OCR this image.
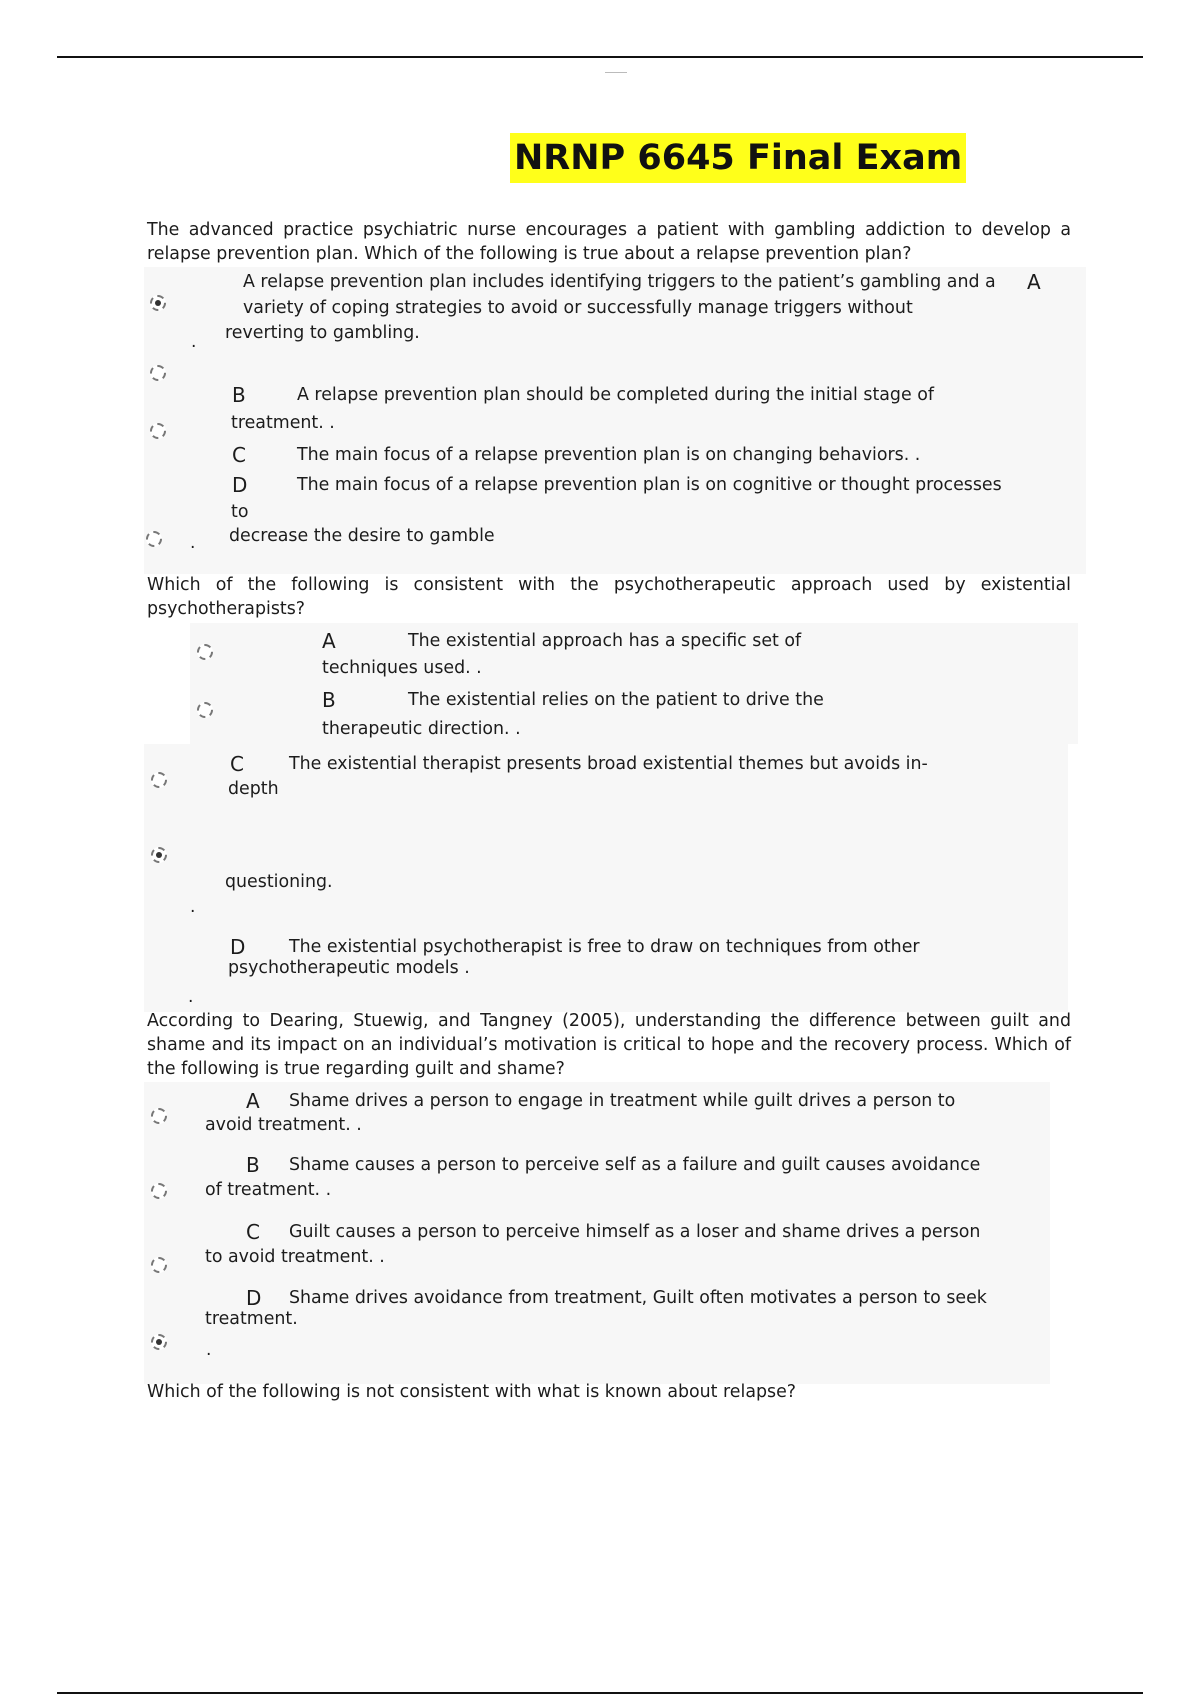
NRNP 6645 Final Exam
The advanced practice psychiatric nurse encourages a patient with gambling addiction to develop a relapse prevention plan. Which of the following is true about a relapse prevention plan?
A relapse prevention plan includes identifying triggers to the patient’s gambling and a A
variety of coping strategies to avoid or successfully manage triggers without
. reverting to gambling.
B	A relapse prevention plan should be completed during the initial stage of
treatment. .
C	The main focus of a relapse prevention plan is on changing behaviors. .
D	The main focus of a relapse prevention plan is on cognitive or thought processes
to
. decrease the desire to gamble
Which of the following is consistent with the psychotherapeutic approach used by existential psychotherapists?
A	The existential approach has a specific set of
techniques used. .
B	The existential relies on the patient to drive the
therapeutic direction. .
C	The existential therapist presents broad existential themes but avoids in-
depth
questioning.
.
D	The existential psychotherapist is free to draw on techniques from other
psychotherapeutic models .
.
According to Dearing, Stuewig, and Tangney (2005), understanding the difference between guilt and shame and its impact on an individual’s motivation is critical to hope and the recovery process. Which of the following is true regarding guilt and shame?
A Shame drives a person to engage in treatment while guilt drives a person to
avoid treatment. .
B Shame causes a person to perceive self as a failure and guilt causes avoidance
of treatment. .
C Guilt causes a person to perceive himself as a loser and shame drives a person
to avoid treatment. .
D Shame drives avoidance from treatment, Guilt often motivates a person to seek
treatment.
.
Which of the following is not consistent with what is known about relapse?
